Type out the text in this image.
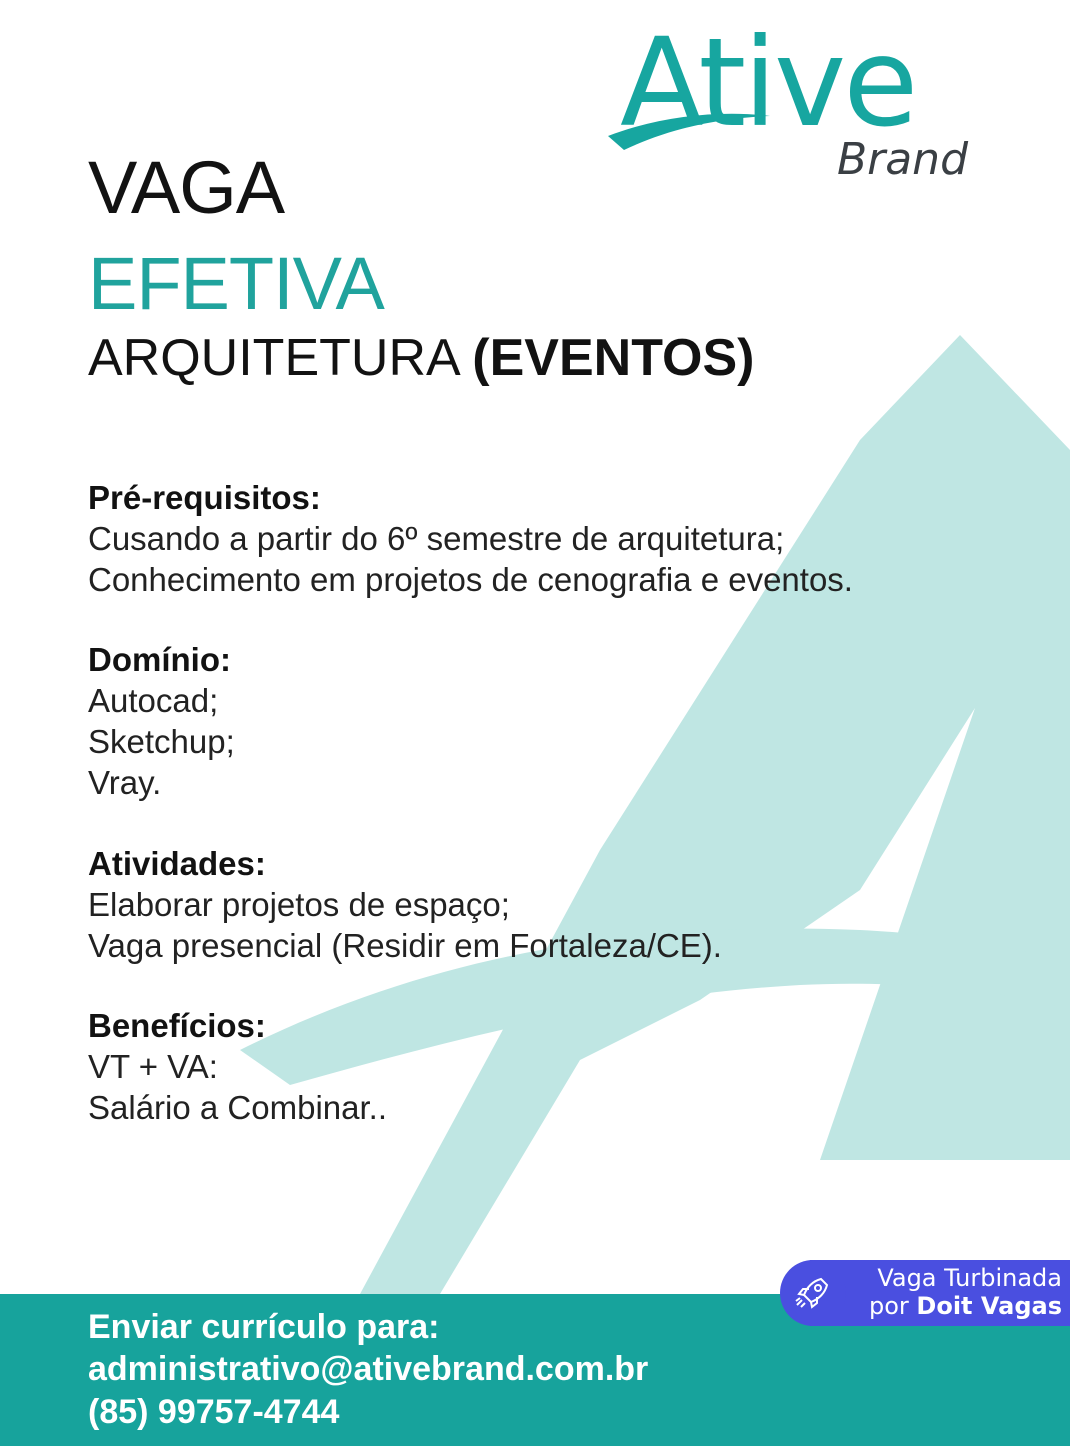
Ative
Brand
VAGA
EFETIVA
ARQUITETURA (EVENTOS)
Pré-requisitos:
Cusando a partir do 6º semestre de arquitetura;
Conhecimento em projetos de cenografia e eventos.
Domínio:
Autocad;
Sketchup;
Vray.
Atividades:
Elaborar projetos de espaço;
Vaga presencial (Residir em Fortaleza/CE).
Benefícios:
VT + VA:
Salário a Combinar..
Enviar currículo para:
administrativo@ativebrand.com.br
(85) 99757-4744
Vaga Turbinada
por Doit Vagas
